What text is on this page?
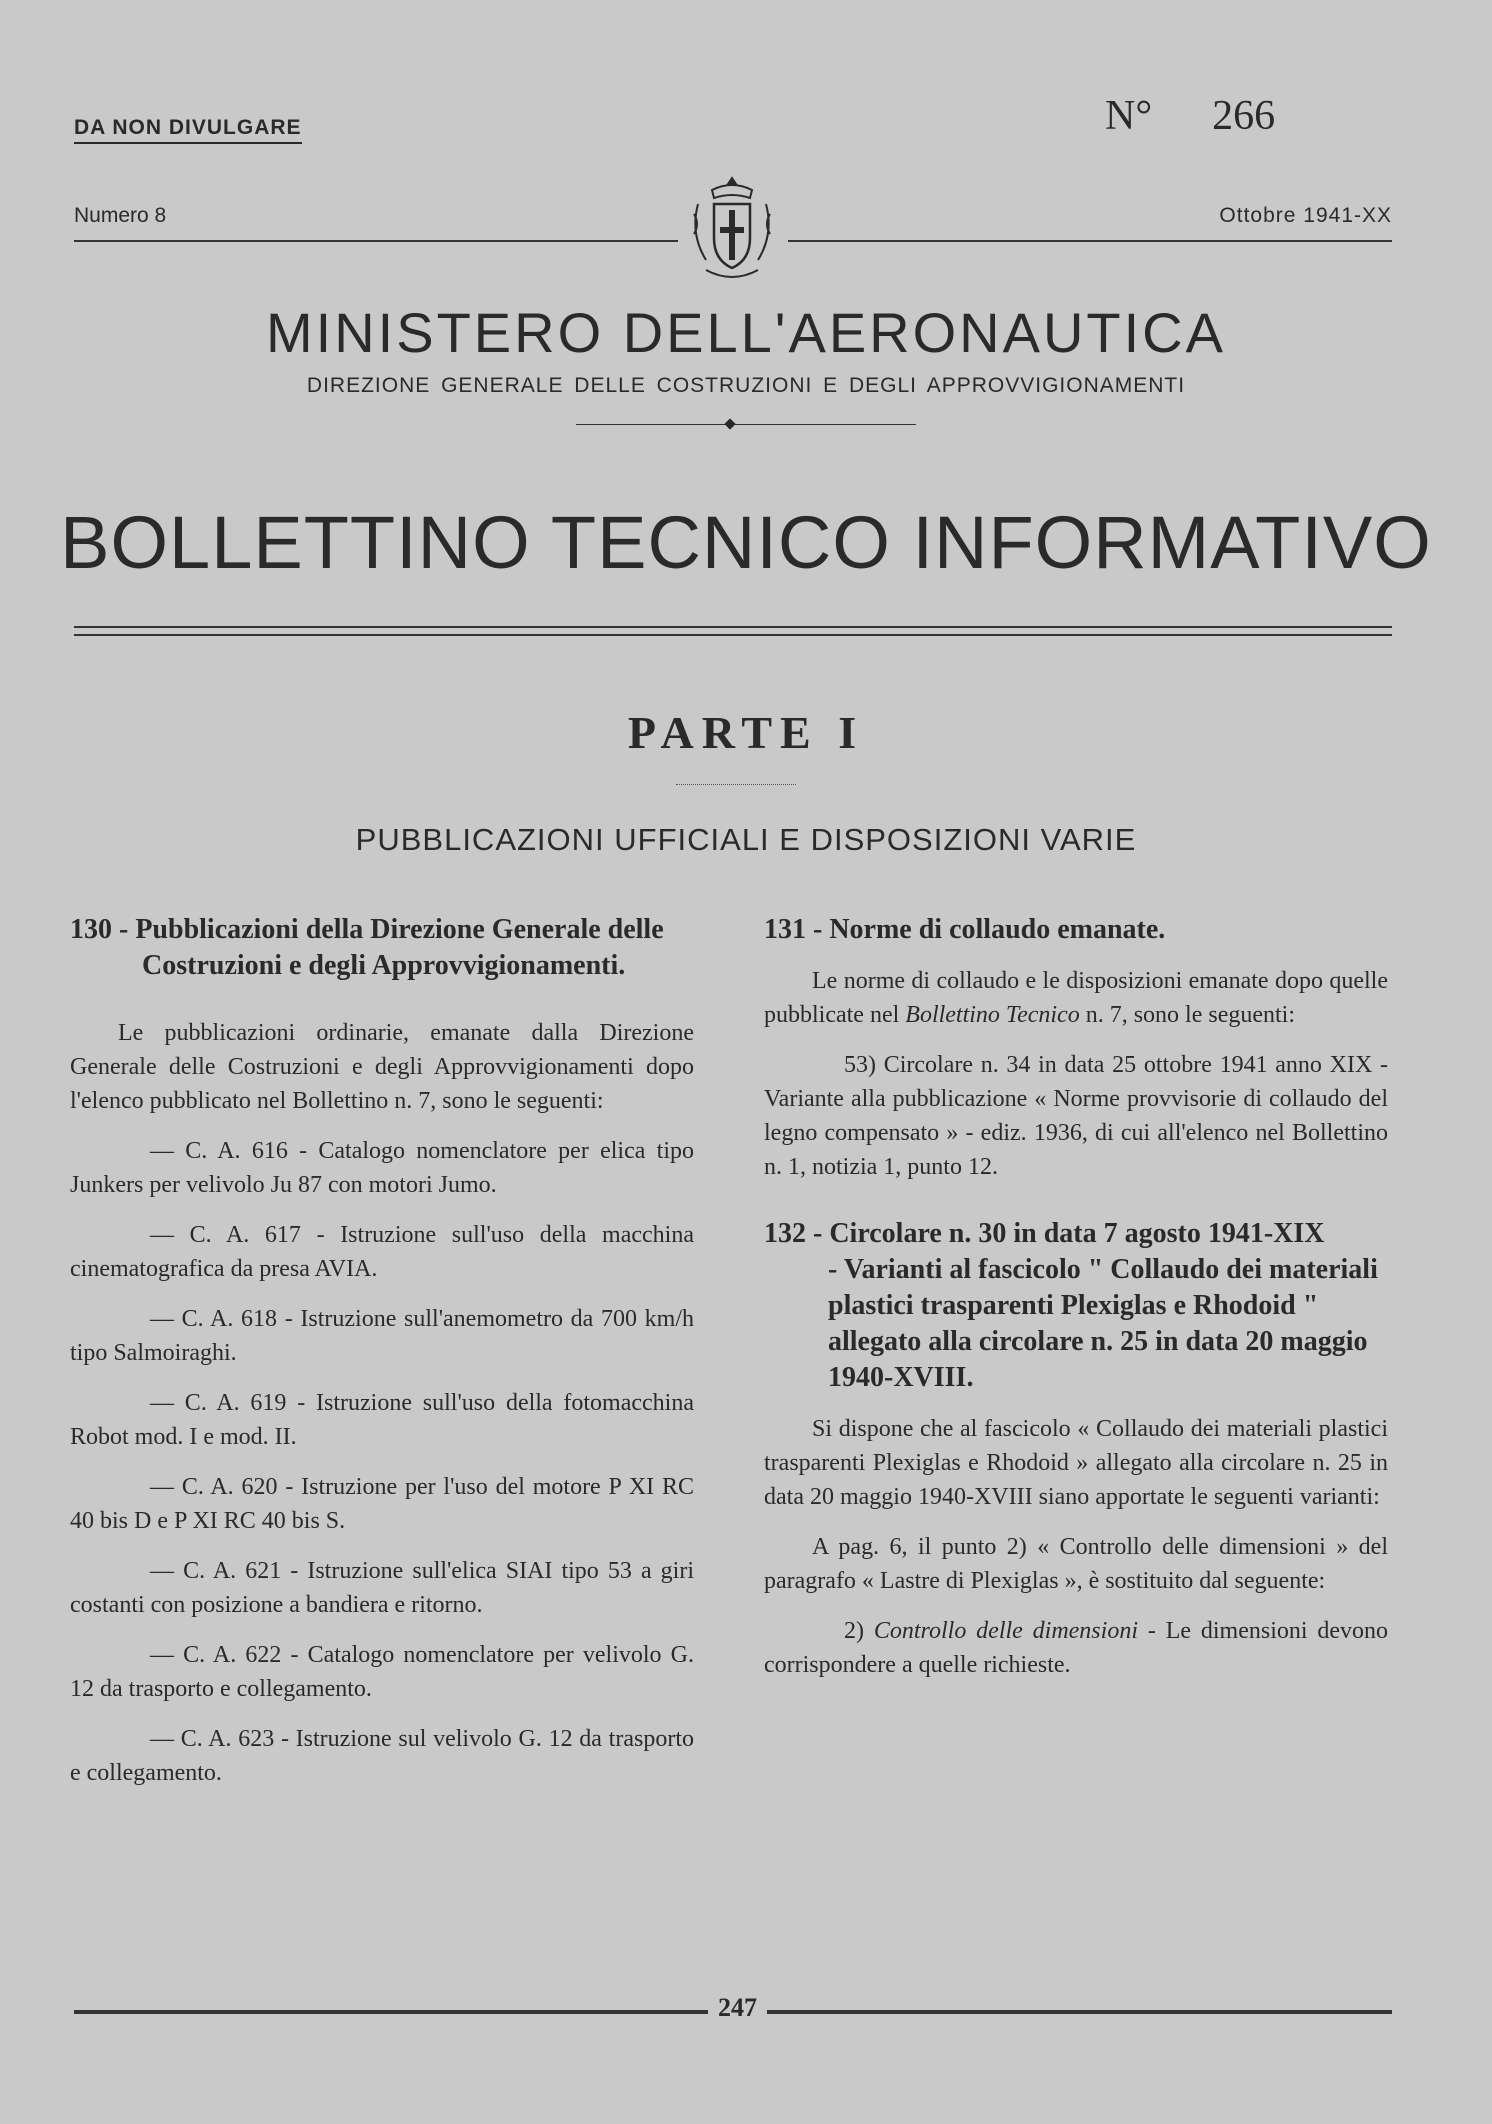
DA NON DIVULGARE	N° 266
Numero 8	Ottobre 1941-XX
MINISTERO DELL'AERONAUTICA
DIREZIONE GENERALE DELLE COSTRUZIONI E DEGLI APPROVVIGIONAMENTI
BOLLETTINO TECNICO INFORMATIVO
PARTE I
PUBBLICAZIONI UFFICIALI E DISPOSIZIONI VARIE

130 - Pubblicazioni della Direzione Generale delle
Costruzioni e degli Approvvigionamenti.

Le pubblicazioni ordinarie, emanate dalla Direzione Generale delle Costruzioni e degli Approvvigionamenti dopo l'elenco pubblicato nel Bollettino n. 7, sono le seguenti:

— C. A. 616 - Catalogo nomenclatore per elica tipo Junkers per velivolo Ju 87 con motori Jumo.

— C. A. 617 - Istruzione sull'uso della macchina cinematografica da presa AVIA.

— C. A. 618 - Istruzione sull'anemometro da 700 km/h tipo Salmoiraghi.

— C. A. 619 - Istruzione sull'uso della fotomacchina Robot mod. I e mod. II.

— C. A. 620 - Istruzione per l'uso del motore P XI RC 40 bis D e P XI RC 40 bis S.

— C. A. 621 - Istruzione sull'elica SIAI tipo 53 a giri costanti con posizione a bandiera e ritorno.

— C. A. 622 - Catalogo nomenclatore per velivolo G. 12 da trasporto e collegamento.

— C. A. 623 - Istruzione sul velivolo G. 12 da trasporto e collegamento.

131 - Norme di collaudo emanate.

Le norme di collaudo e le disposizioni emanate dopo quelle pubblicate nel Bollettino Tecnico n. 7, sono le seguenti:

53) Circolare n. 34 in data 25 ottobre 1941 anno XIX - Variante alla pubblicazione « Norme provvisorie di collaudo del legno compensato » - ediz. 1936, di cui all'elenco nel Bollettino n. 1, notizia 1, punto 12.

132 - Circolare n. 30 in data 7 agosto 1941-XIX

- Varianti al fascicolo " Collaudo dei materiali plastici trasparenti Plexiglas e Rhodoid " allegato alla circolare n. 25 in data 20 maggio 1940-XVIII.

Si dispone che al fascicolo « Collaudo dei materiali plastici trasparenti Plexiglas e Rhodoid » allegato alla circolare n. 25 in data 20 maggio 1940-XVIII siano apportate le seguenti varianti:

A pag. 6, il punto 2) « Controllo delle dimensioni » del paragrafo « Lastre di Plexiglas », è sostituito dal seguente:

2) Controllo delle dimensioni - Le dimensioni devono corrispondere a quelle richieste.

247
